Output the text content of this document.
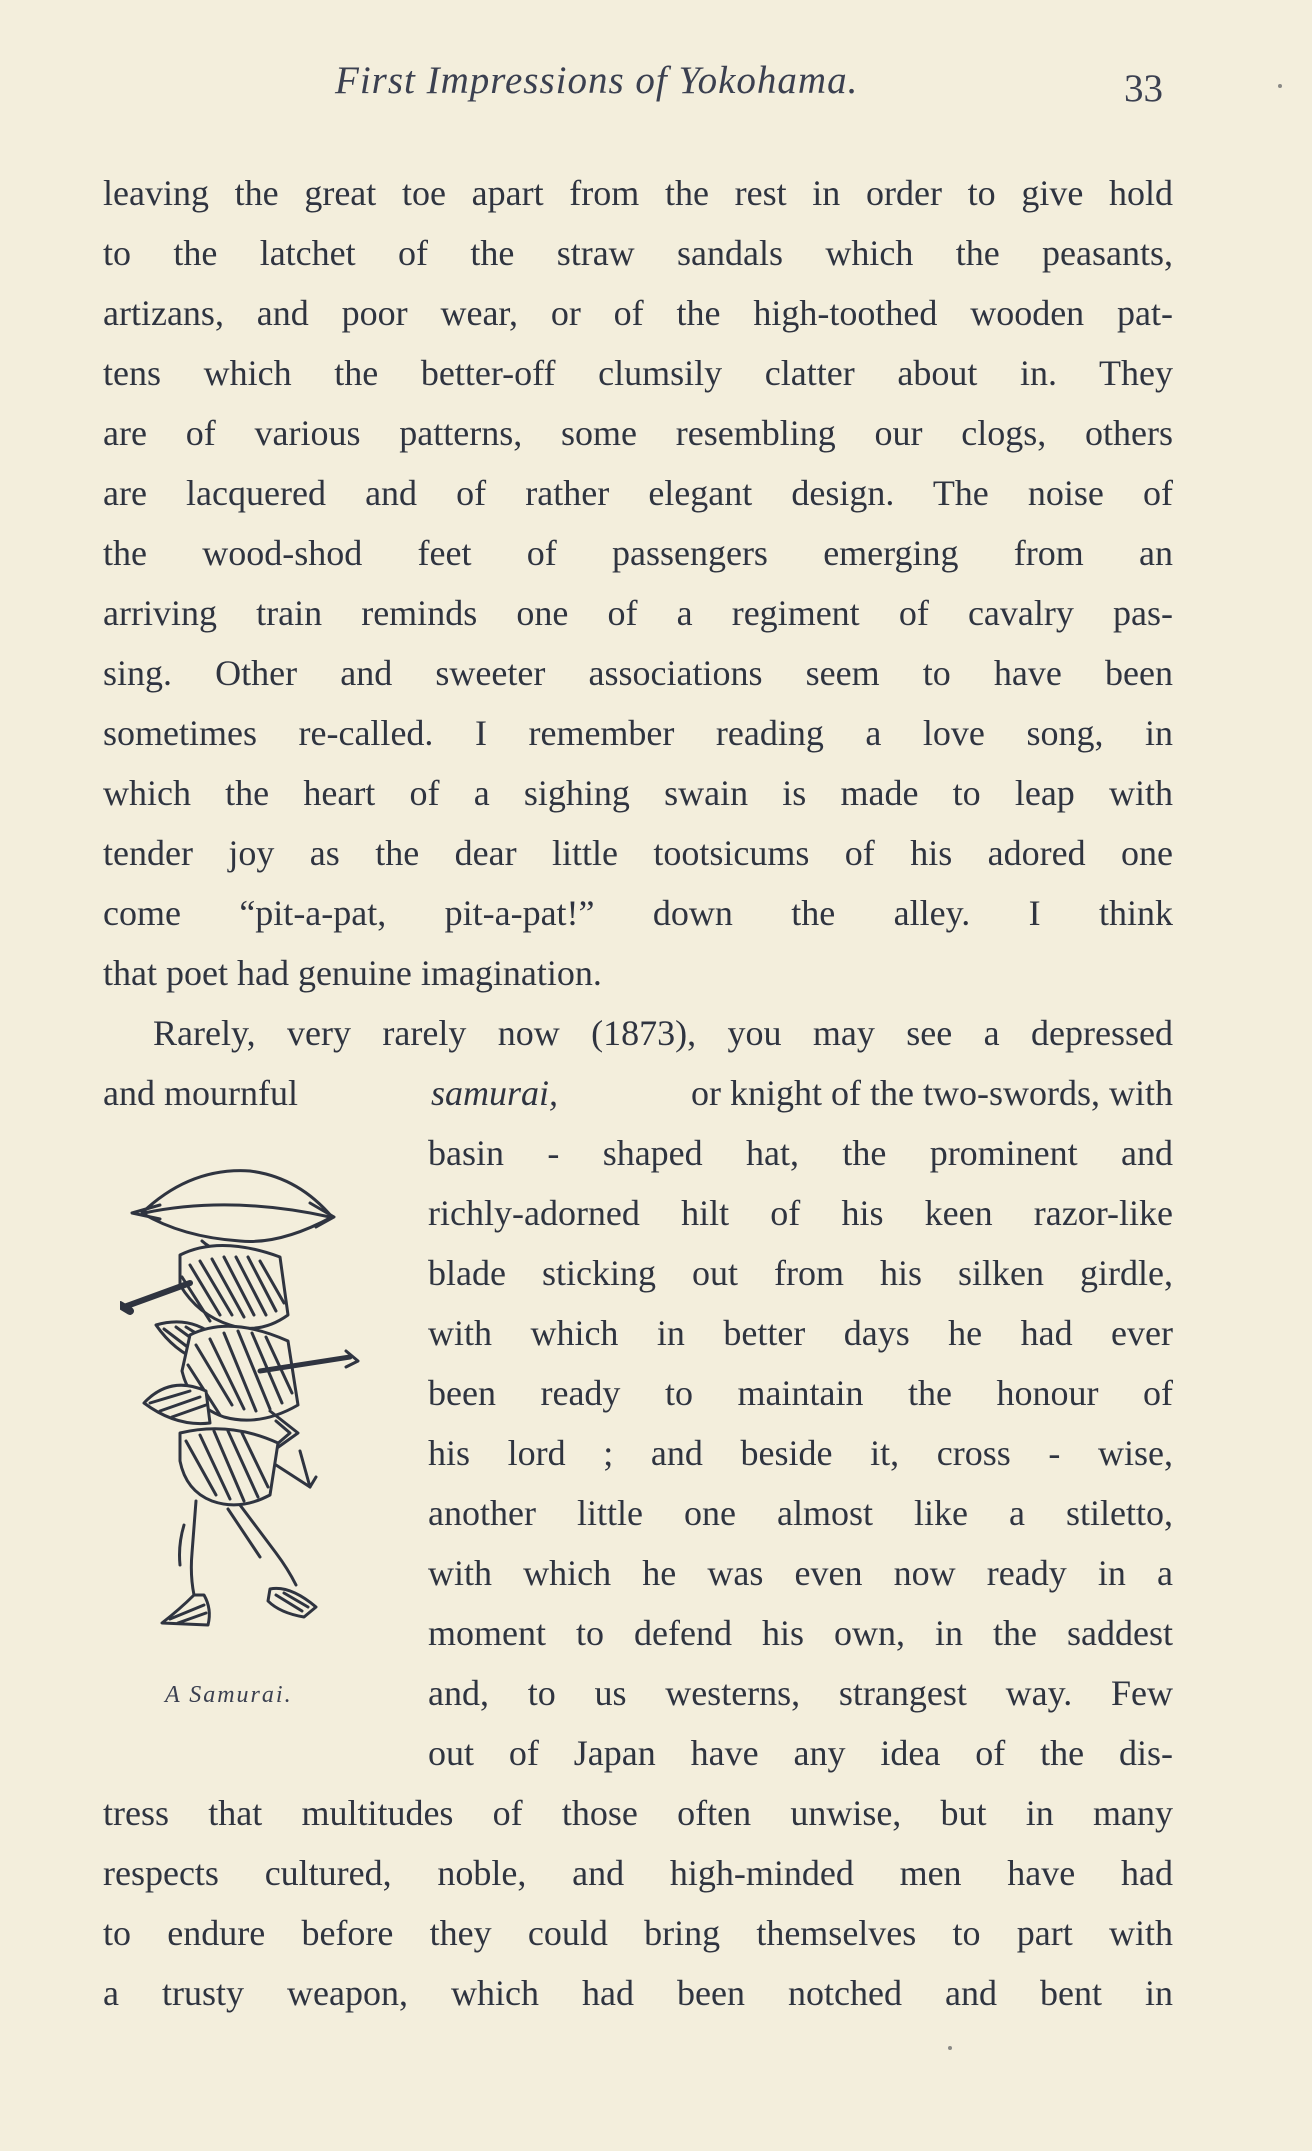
First Impressions of Yokohama.	33
leaving the great toe apart from the rest in order to give hold
to the latchet of the straw sandals which the peasants,
artizans, and poor wear, or of the high-toothed wooden pat-
tens which the better-off clumsily clatter about in. They
are of various patterns, some resembling our clogs, others
are lacquered and of rather elegant design. The noise of
the wood-shod feet of passengers emerging from an
arriving train reminds one of a regiment of cavalry pas-
sing. Other and sweeter associations seem to have been
sometimes re-called. I remember reading a love song, in
which the heart of a sighing swain is made to leap with
tender joy as the dear little tootsicums of his adored one
come “pit-a-pat, pit-a-pat!” down the alley. I think
that poet had genuine imagination.
Rarely, very rarely now (1873), you may see a depressed
and mournful	samurai,	or knight of the two-swords, with
basin - shaped hat, the prominent and
richly-adorned hilt of his keen razor-like
blade sticking out from his silken girdle,
with which in better days he had ever
been ready to maintain the honour of
his lord ; and beside it, cross - wise,
another little one almost like a stiletto,
with which he was even now ready in a
moment to defend his own, in the saddest
and, to us westerns, strangest way. Few
out of Japan have any idea of the dis-
tress that multitudes of those often unwise, but in many
respects cultured, noble, and high-minded men have had
to endure before they could bring themselves to part with
a trusty weapon, which had been notched and bent in
A Samurai.
